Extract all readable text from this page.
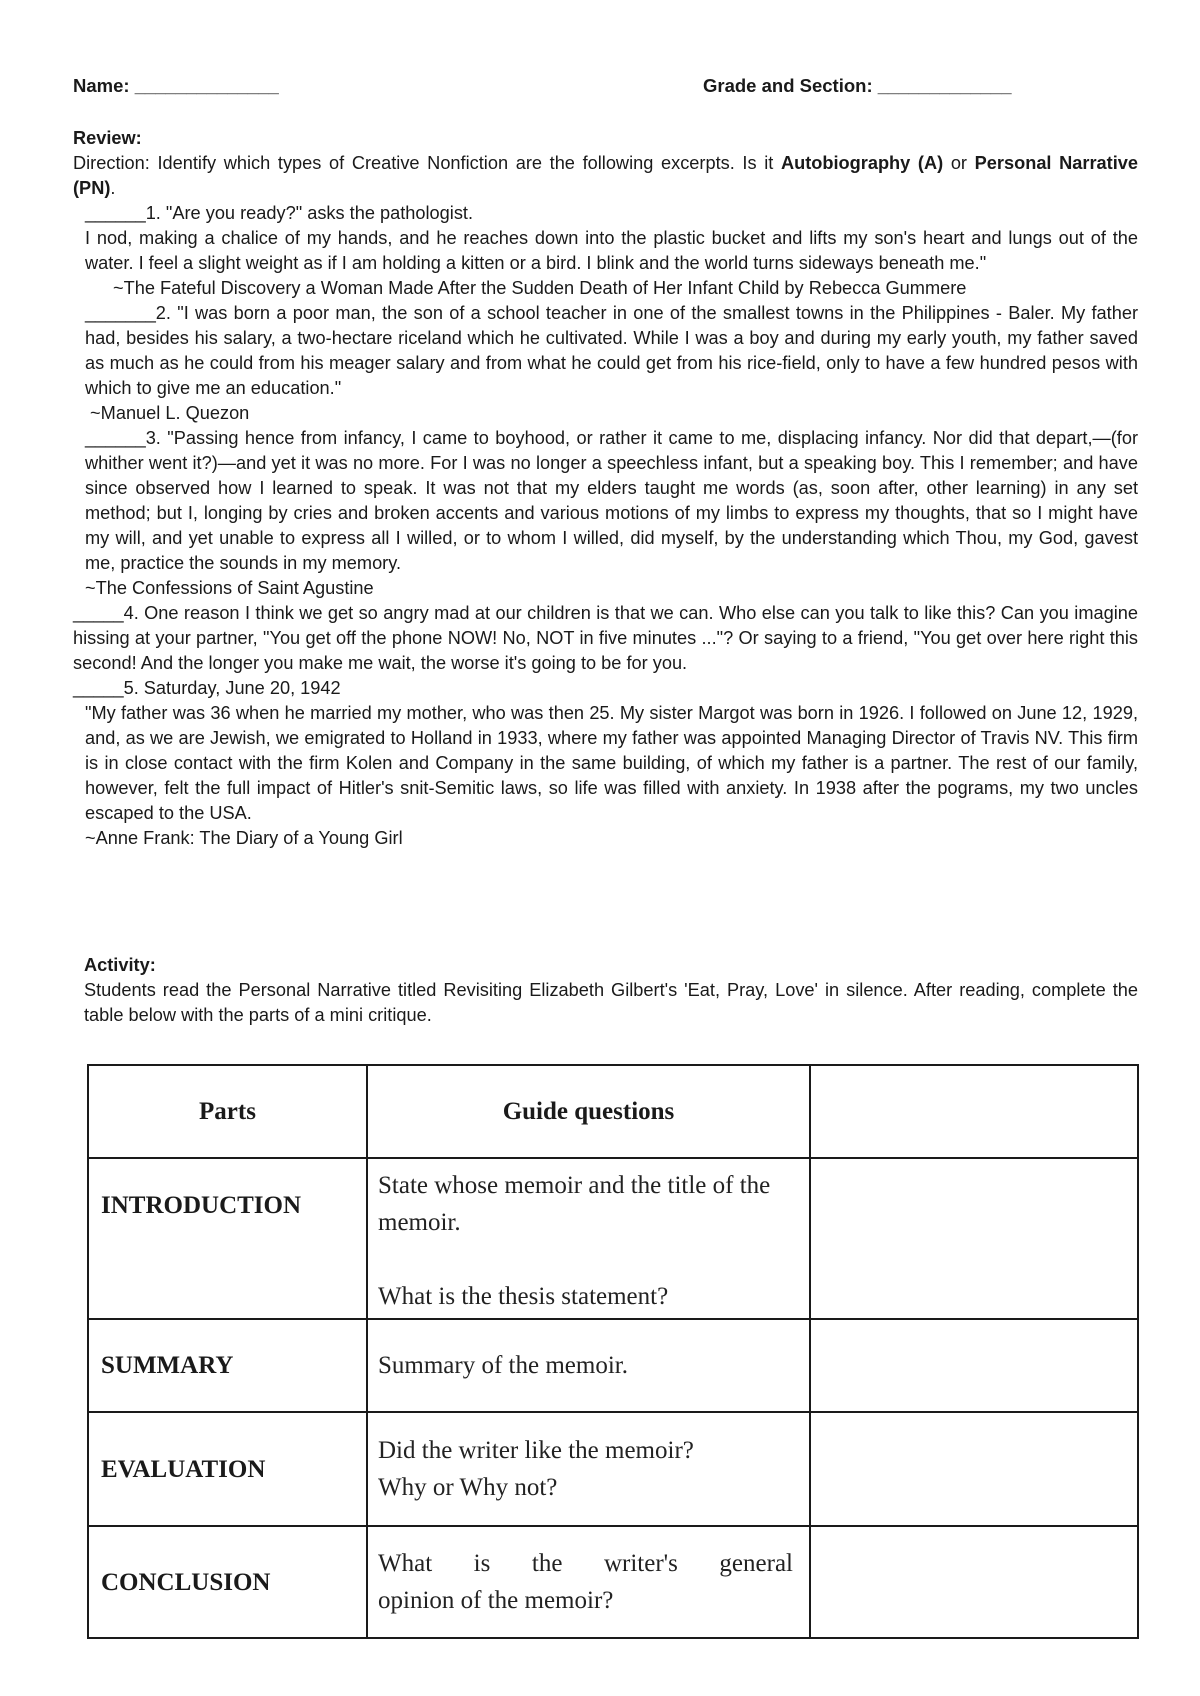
Name: ______________	Grade and Section: _____________
Review:
Direction: Identify which types of Creative Nonfiction are the following excerpts. Is it Autobiography (A) or Personal Narrative (PN).
______1. "Are you ready?" asks the pathologist.
I nod, making a chalice of my hands, and he reaches down into the plastic bucket and lifts my son's heart and lungs out of the water. I feel a slight weight as if I am holding a kitten or a bird. I blink and the world turns sideways beneath me."
~The Fateful Discovery a Woman Made After the Sudden Death of Her Infant Child by Rebecca Gummere
_______2. "I was born a poor man, the son of a school teacher in one of the smallest towns in the Philippines - Baler. My father had, besides his salary, a two-hectare riceland which he cultivated. While I was a boy and during my early youth, my father saved as much as he could from his meager salary and from what he could get from his rice-field, only to have a few hundred pesos with which to give me an education."
~Manuel L. Quezon
______3. "Passing hence from infancy, I came to boyhood, or rather it came to me, displacing infancy. Nor did that depart,—(for whither went it?)—and yet it was no more. For I was no longer a speechless infant, but a speaking boy. This I remember; and have since observed how I learned to speak. It was not that my elders taught me words (as, soon after, other learning) in any set method; but I, longing by cries and broken accents and various motions of my limbs to express my thoughts, that so I might have my will, and yet unable to express all I willed, or to whom I willed, did myself, by the understanding which Thou, my God, gavest me, practice the sounds in my memory.
~The Confessions of Saint Agustine
_____4. One reason I think we get so angry mad at our children is that we can. Who else can you talk to like this? Can you imagine hissing at your partner, "You get off the phone NOW! No, NOT in five minutes ..."? Or saying to a friend, "You get over here right this second! And the longer you make me wait, the worse it's going to be for you.
_____5. Saturday, June 20, 1942
"My father was 36 when he married my mother, who was then 25. My sister Margot was born in 1926. I followed on June 12, 1929, and, as we are Jewish, we emigrated to Holland in 1933, where my father was appointed Managing Director of Travis NV. This firm is in close contact with the firm Kolen and Company in the same building, of which my father is a partner. The rest of our family, however, felt the full impact of Hitler's snit-Semitic laws, so life was filled with anxiety. In 1938 after the pograms, my two uncles escaped to the USA.
~Anne Frank: The Diary of a Young Girl
Activity:
Students read the Personal Narrative titled Revisiting Elizabeth Gilbert's 'Eat, Pray, Love' in silence. After reading, complete the table below with the parts of a mini critique.
Parts	Guide questions	
INTRODUCTION	State whose memoir and the title of the memoir.

What is the thesis statement?	

SUMMARY	Summary of the memoir.	

EVALUATION	Did the writer like the memoir?

Why or Why not?	

CONCLUSION	What is the writer's general

opinion of the memoir?	
